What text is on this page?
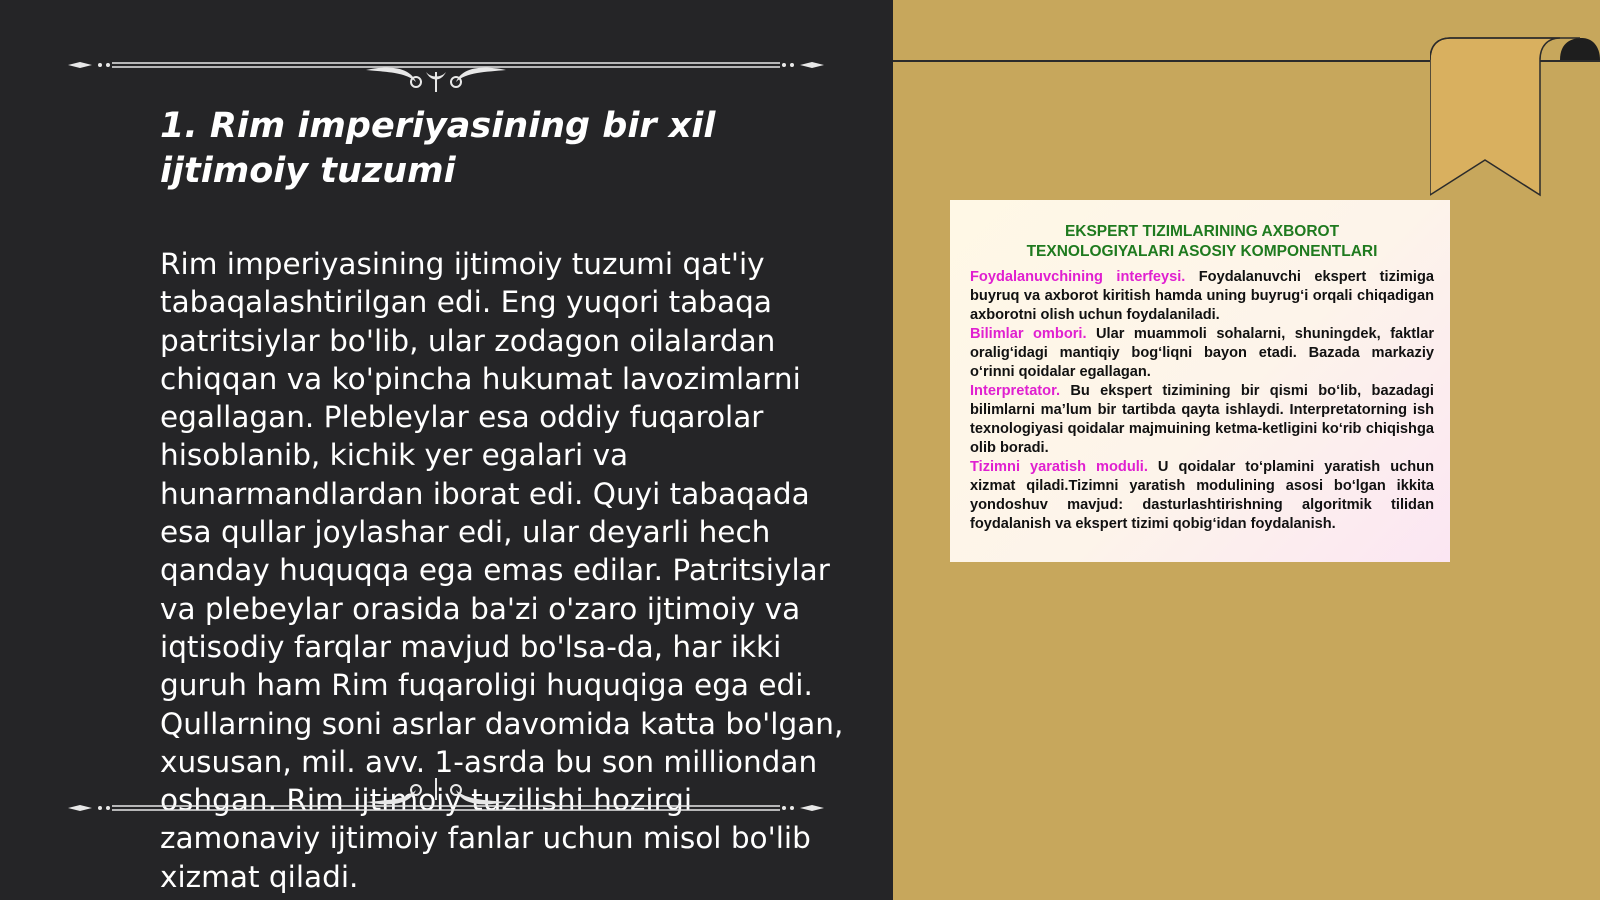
1. Rim imperiyasining bir xil ijtimoiy tuzumi

Rim imperiyasining ijtimoiy tuzumi qat'iy tabaqalashtirilgan edi. Eng yuqori tabaqa patritsiylar bo'lib, ular zodagon oilalardan chiqqan va ko'pincha hukumat lavozimlarni egallagan. Plebleylar esa oddiy fuqarolar hisoblanib, kichik yer egalari va hunarmandlardan iborat edi. Quyi tabaqada esa qullar joylashar edi, ular deyarli hech qanday huquqqa ega emas edilar. Patritsiylar va plebeylar orasida ba'zi o'zaro ijtimoiy va iqtisodiy farqlar mavjud bo'lsa-da, har ikki guruh ham Rim fuqaroligi huquqiga ega edi. Qullarning soni asrlar davomida katta bo'lgan, xususan, mil. avv. 1-asrda bu son milliondan oshgan. Rim ijtimoiy tuzilishi hozirgi zamonaviy ijtimoiy fanlar uchun misol bo'lib xizmat qiladi.

EKSPERT TIZIMLARINING AXBOROT
TEXNOLOGIYALARI ASOSIY KOMPONENTLARI

Foydalanuvchining interfeysi. Foydalanuvchi ekspert tizimiga buyruq va axborot kiritish hamda uning buyrug‘i orqali chiqadigan axborotni olish uchun foydalaniladi.

Bilimlar ombori. Ular muammoli sohalarni, shuningdek, faktlar oralig‘idagi mantiqiy bog‘liqni bayon etadi. Bazada markaziy o‘rinni qoidalar egallagan.

Interpretator. Bu ekspert tizimining bir qismi bo‘lib, bazadagi bilimlarni ma’lum bir tartibda qayta ishlaydi. Interpretatorning ish texnologiyasi qoidalar majmuining ketma-ketligini ko‘rib chiqishga olib boradi.

Tizimni yaratish moduli. U qoidalar to‘plamini yaratish uchun xizmat qiladi.Tizimni yaratish modulining asosi bo‘lgan ikkita yondoshuv mavjud: dasturlashtirishning algoritmik tilidan foydalanish va ekspert tizimi qobig‘idan foydalanish.
